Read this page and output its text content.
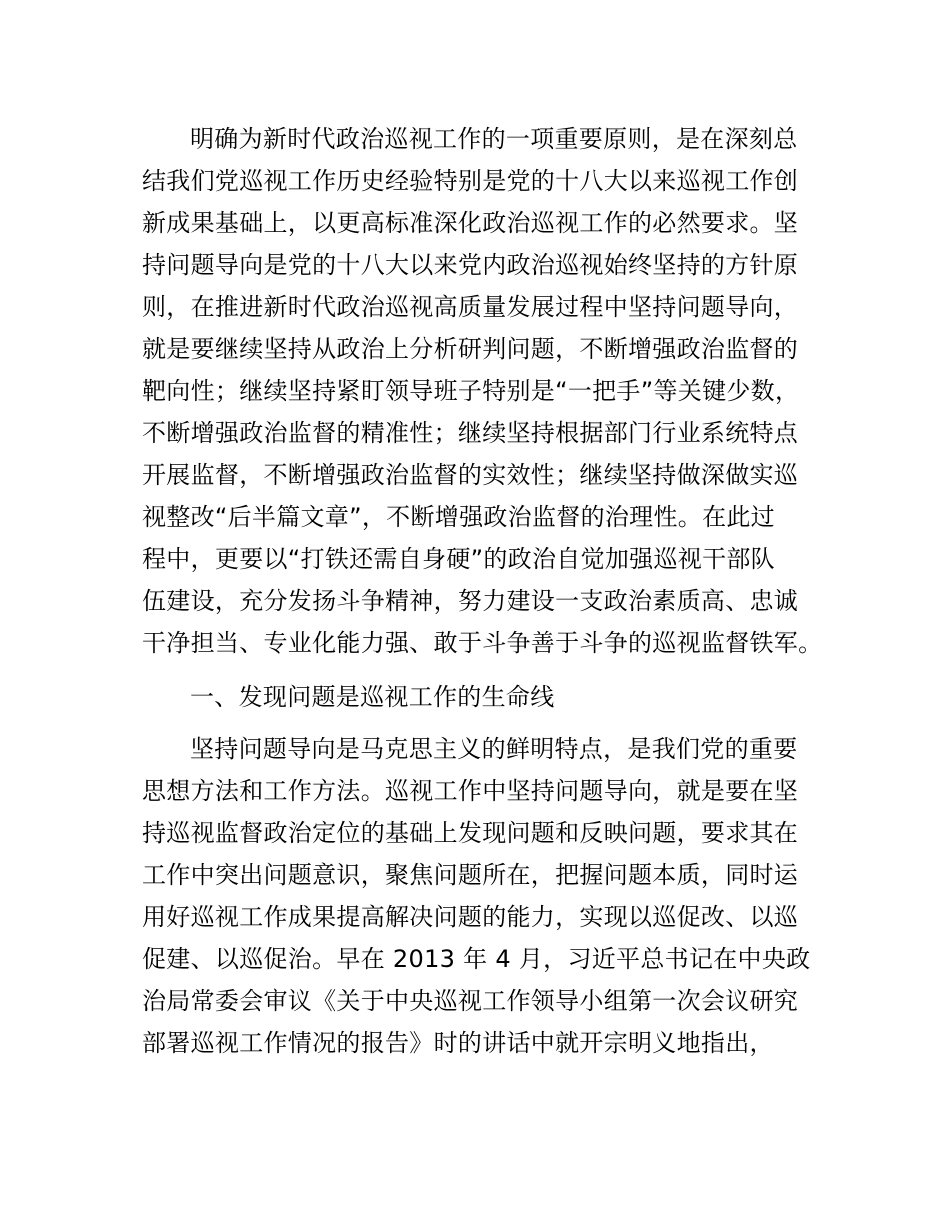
明确为新时代政治巡视工作的一项重要原则，是在深刻总
结我们党巡视工作历史经验特别是党的十八大以来巡视工作创
新成果基础上，以更高标准深化政治巡视工作的必然要求。坚
持问题导向是党的十八大以来党内政治巡视始终坚持的方针原
则，在推进新时代政治巡视高质量发展过程中坚持问题导向，
就是要继续坚持从政治上分析研判问题，不断增强政治监督的
靶向性；继续坚持紧盯领导班子特别是“一把手”等关键少数，
不断增强政治监督的精准性；继续坚持根据部门行业系统特点
开展监督，不断增强政治监督的实效性；继续坚持做深做实巡
视整改“后半篇文章”，不断增强政治监督的治理性。在此过
程中，更要以“打铁还需自身硬”的政治自觉加强巡视干部队
伍建设，充分发扬斗争精神，努力建设一支政治素质高、忠诚
干净担当、专业化能力强、敢于斗争善于斗争的巡视监督铁军。
一、发现问题是巡视工作的生命线
坚持问题导向是马克思主义的鲜明特点，是我们党的重要
思想方法和工作方法。巡视工作中坚持问题导向，就是要在坚
持巡视监督政治定位的基础上发现问题和反映问题，要求其在
工作中突出问题意识，聚焦问题所在，把握问题本质，同时运
用好巡视工作成果提高解决问题的能力，实现以巡促改、以巡
促建、以巡促治。早在 2013 年 4 月，习近平总书记在中央政
治局常委会审议《关于中央巡视工作领导小组第一次会议研究
部署巡视工作情况的报告》时的讲话中就开宗明义地指出，
